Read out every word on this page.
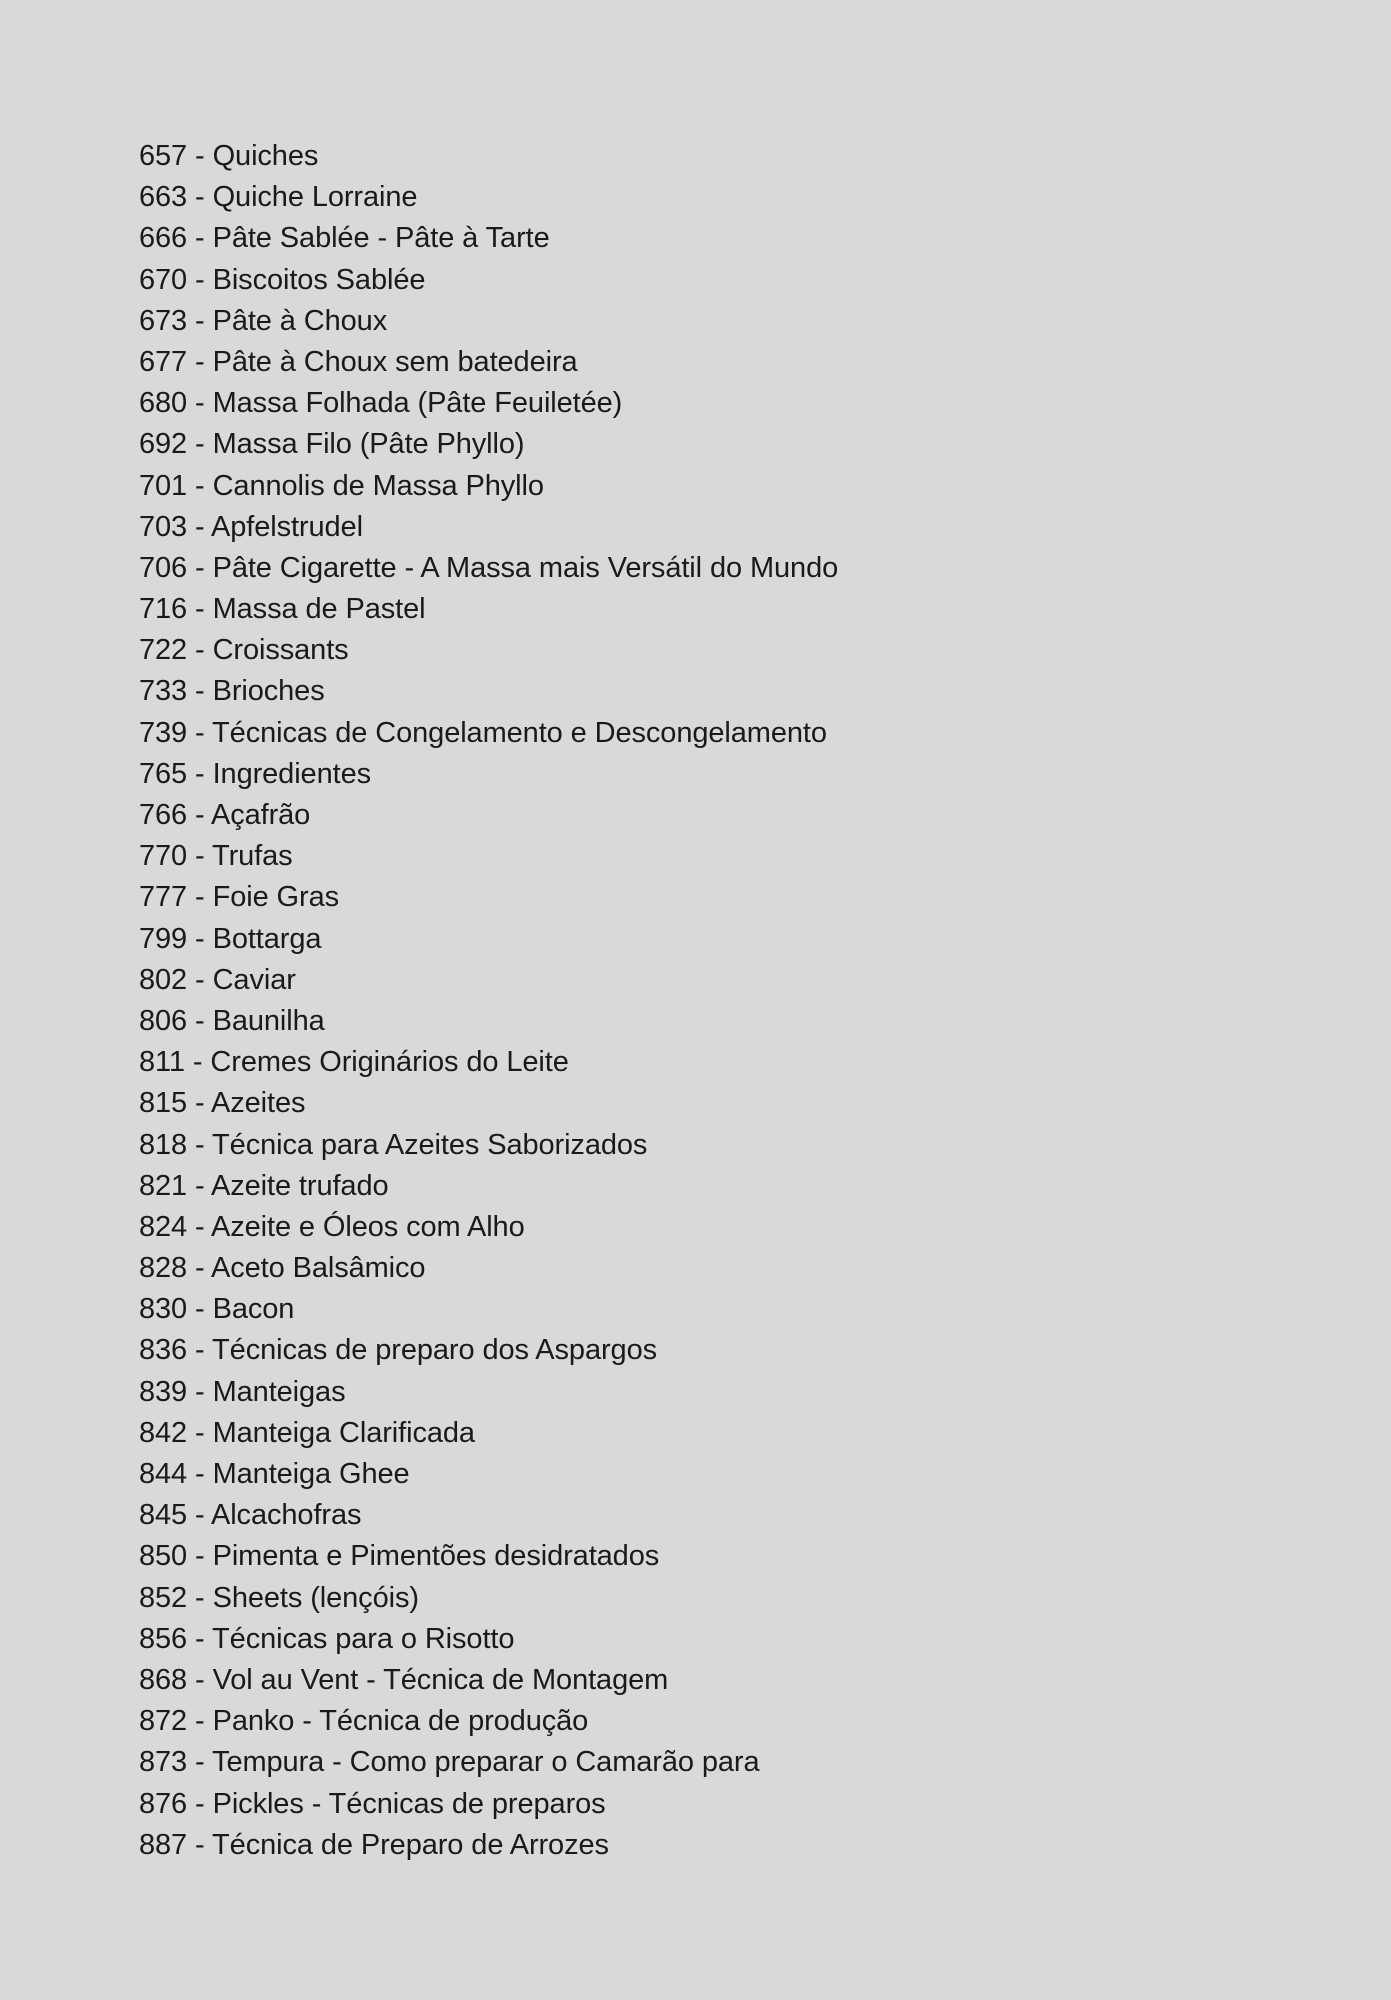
657 - Quiches
663 - Quiche Lorraine
666 - Pâte Sablée - Pâte à Tarte
670 - Biscoitos Sablée
673 - Pâte à Choux
677 - Pâte à Choux sem batedeira
680 - Massa Folhada (Pâte Feuiletée)
692 - Massa Filo (Pâte Phyllo)
701 - Cannolis de Massa Phyllo
703 - Apfelstrudel
706 - Pâte Cigarette - A Massa mais Versátil do Mundo
716 - Massa de Pastel
722 - Croissants
733 - Brioches
739 - Técnicas de Congelamento e Descongelamento
765 - Ingredientes
766 - Açafrão
770 - Trufas
777 - Foie Gras
799 - Bottarga
802 - Caviar
806 - Baunilha
811 - Cremes Originários do Leite
815 - Azeites
818 - Técnica para Azeites Saborizados
821 - Azeite trufado
824 - Azeite e Óleos com Alho
828 - Aceto Balsâmico
830 - Bacon
836 - Técnicas de preparo dos Aspargos
839 - Manteigas
842 - Manteiga Clarificada
844 - Manteiga Ghee
845 - Alcachofras
850 - Pimenta e Pimentões desidratados
852 - Sheets (lençóis)
856 - Técnicas para o Risotto
868 - Vol au Vent - Técnica de Montagem
872 - Panko - Técnica de produção
873 - Tempura - Como preparar o Camarão para
876 - Pickles - Técnicas de preparos
887 - Técnica de Preparo de Arrozes
